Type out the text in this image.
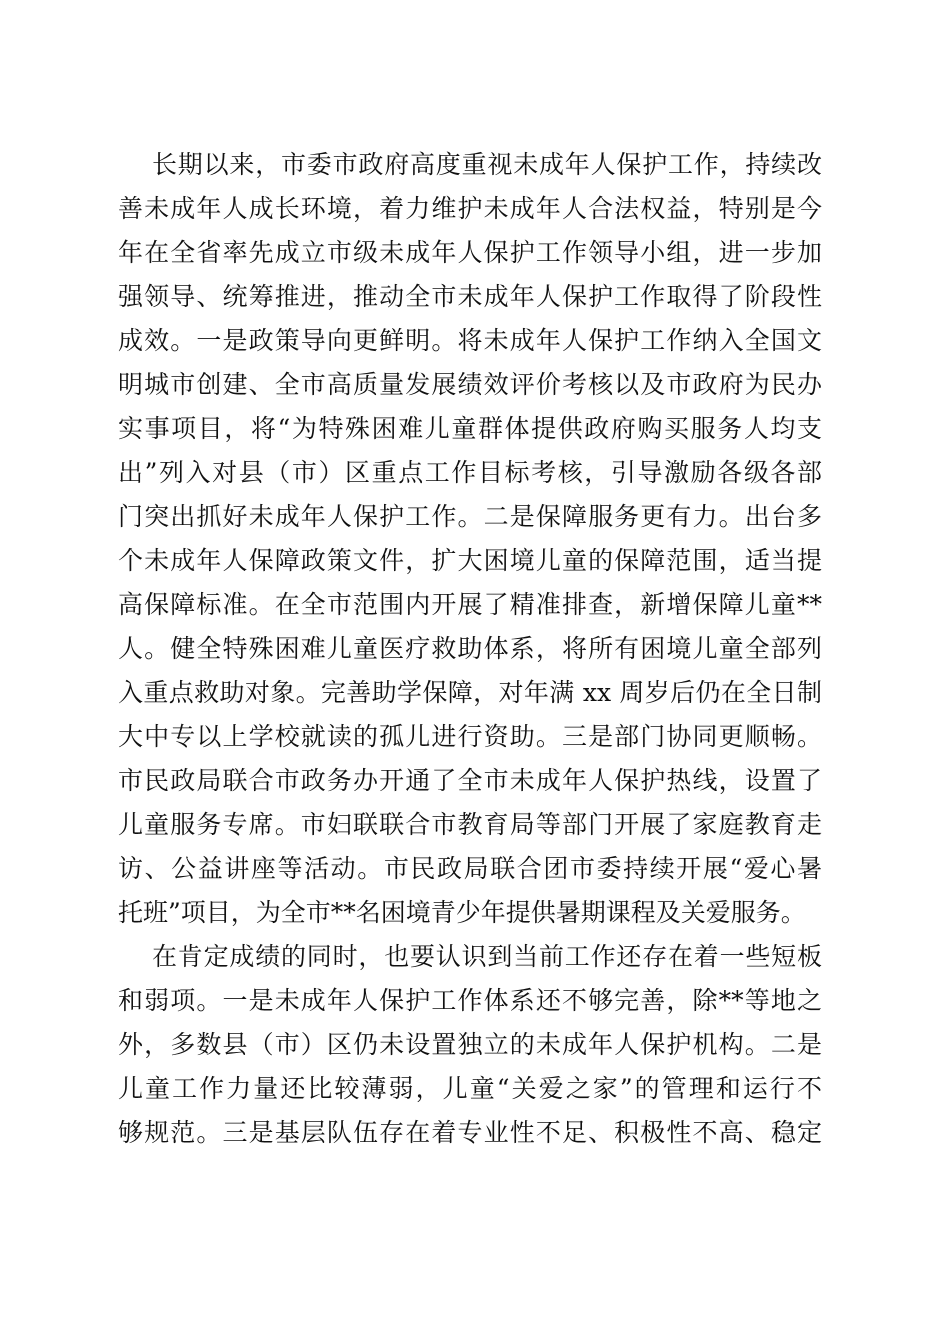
长期以来，市委市政府高度重视未成年人保护工作，持续改
善未成年人成长环境，着力维护未成年人合法权益，特别是今
年在全省率先成立市级未成年人保护工作领导小组，进一步加
强领导、统筹推进，推动全市未成年人保护工作取得了阶段性
成效。一是政策导向更鲜明。将未成年人保护工作纳入全国文
明城市创建、全市高质量发展绩效评价考核以及市政府为民办
实事项目，将“为特殊困难儿童群体提供政府购买服务人均支
出”列入对县（市）区重点工作目标考核，引导激励各级各部
门突出抓好未成年人保护工作。二是保障服务更有力。出台多
个未成年人保障政策文件，扩大困境儿童的保障范围，适当提
高保障标准。在全市范围内开展了精准排查，新增保障儿童**
人。健全特殊困难儿童医疗救助体系，将所有困境儿童全部列
入重点救助对象。完善助学保障，对年满 xx 周岁后仍在全日制
大中专以上学校就读的孤儿进行资助。三是部门协同更顺畅。
市民政局联合市政务办开通了全市未成年人保护热线，设置了
儿童服务专席。市妇联联合市教育局等部门开展了家庭教育走
访、公益讲座等活动。市民政局联合团市委持续开展“爱心暑
托班”项目，为全市**名困境青少年提供暑期课程及关爱服务。
在肯定成绩的同时，也要认识到当前工作还存在着一些短板
和弱项。一是未成年人保护工作体系还不够完善，除**等地之
外，多数县（市）区仍未设置独立的未成年人保护机构。二是
儿童工作力量还比较薄弱，儿童“关爱之家”的管理和运行不
够规范。三是基层队伍存在着专业性不足、积极性不高、稳定
